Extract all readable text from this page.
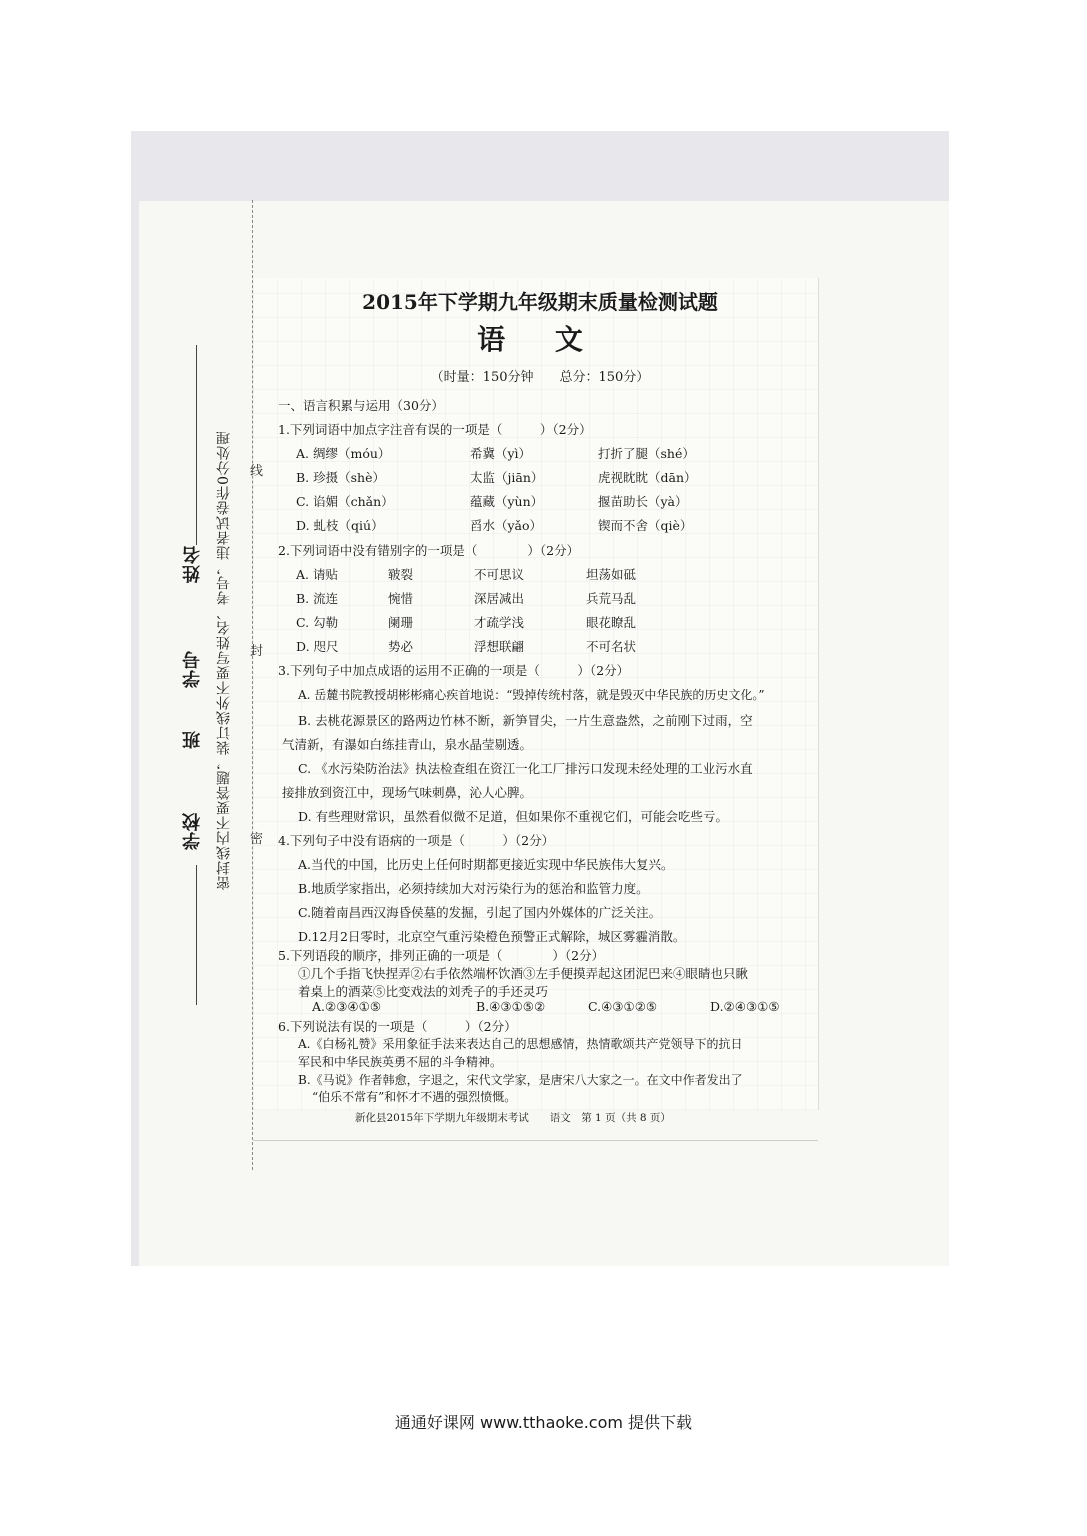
学校
班
学号
姓名 密封线内不要答题，装订线外不要写姓名、考号，违者试卷作0分处理 线
封
密
2015年下学期九年级期末质量检测试题
语 文
（时量：150分钟　　总分：150分）
一、语言积累与运用（30分）
1.下列词语中加点字注音有误的一项是（　　　）（2分）
A. 绸缪（móu）	希冀（yì）	打折了腿（shé）
B. 珍摄（shè）	太监（jiān）	虎视眈眈（dān）
C. 谄媚（chǎn）	蕴藏（yùn）	揠苗助长（yà）
D. 虬枝（qiú）	舀水（yǎo）	锲而不舍（qiè）
2.下列词语中没有错别字的一项是（　　　　）（2分）
A. 请贴	皲裂	不可思议	坦荡如砥
B. 流连	惋惜	深居减出	兵荒马乱
C. 勾勒	阑珊	才疏学浅	眼花瞭乱
D. 咫尺	势必	浮想联翩	不可名状
3.下列句子中加点成语的运用不正确的一项是（　　　）（2分）
A. 岳麓书院教授胡彬彬痛心疾首地说：“毁掉传统村落，就是毁灭中华民族的历史文化。”
B. 去桃花源景区的路两边竹林不断，新笋冒尖，一片生意盎然，之前刚下过雨，空
气清新，有瀑如白练挂青山，泉水晶莹剔透。
C. 《水污染防治法》执法检查组在资江一化工厂排污口发现未经处理的工业污水直
接排放到资江中，现场气味刺鼻，沁人心脾。
D. 有些理财常识，虽然看似微不足道，但如果你不重视它们，可能会吃些亏。
4.下列句子中没有语病的一项是（　　　）（2分）
A.当代的中国，比历史上任何时期都更接近实现中华民族伟大复兴。
B.地质学家指出，必须持续加大对污染行为的惩治和监管力度。
C.随着南昌西汉海昏侯墓的发掘，引起了国内外媒体的广泛关注。
D.12月2日零时，北京空气重污染橙色预警正式解除，城区雾霾消散。
5.下列语段的顺序，排列正确的一项是（　　　　）（2分）
①几个手指飞快捏弄②右手依然端杯饮酒③左手便摸弄起这团泥巴来④眼睛也只瞅
着桌上的酒菜⑤比变戏法的刘秃子的手还灵巧
A.②③④①⑤	B.④③①⑤②	C.④③①②⑤	D.②④③①⑤
6.下列说法有误的一项是（　　　）（2分）
A.《白杨礼赞》采用象征手法来表达自己的思想感情，热情歌颂共产党领导下的抗日
军民和中华民族英勇不屈的斗争精神。
B.《马说》作者韩愈，字退之，宋代文学家，是唐宋八大家之一。在文中作者发出了
“伯乐不常有”和怀才不遇的强烈愤慨。
新化县2015年下学期九年级期末考试　　语文　第 1 页（共 8 页）
通通好课网 www.tthaoke.com 提供下载
